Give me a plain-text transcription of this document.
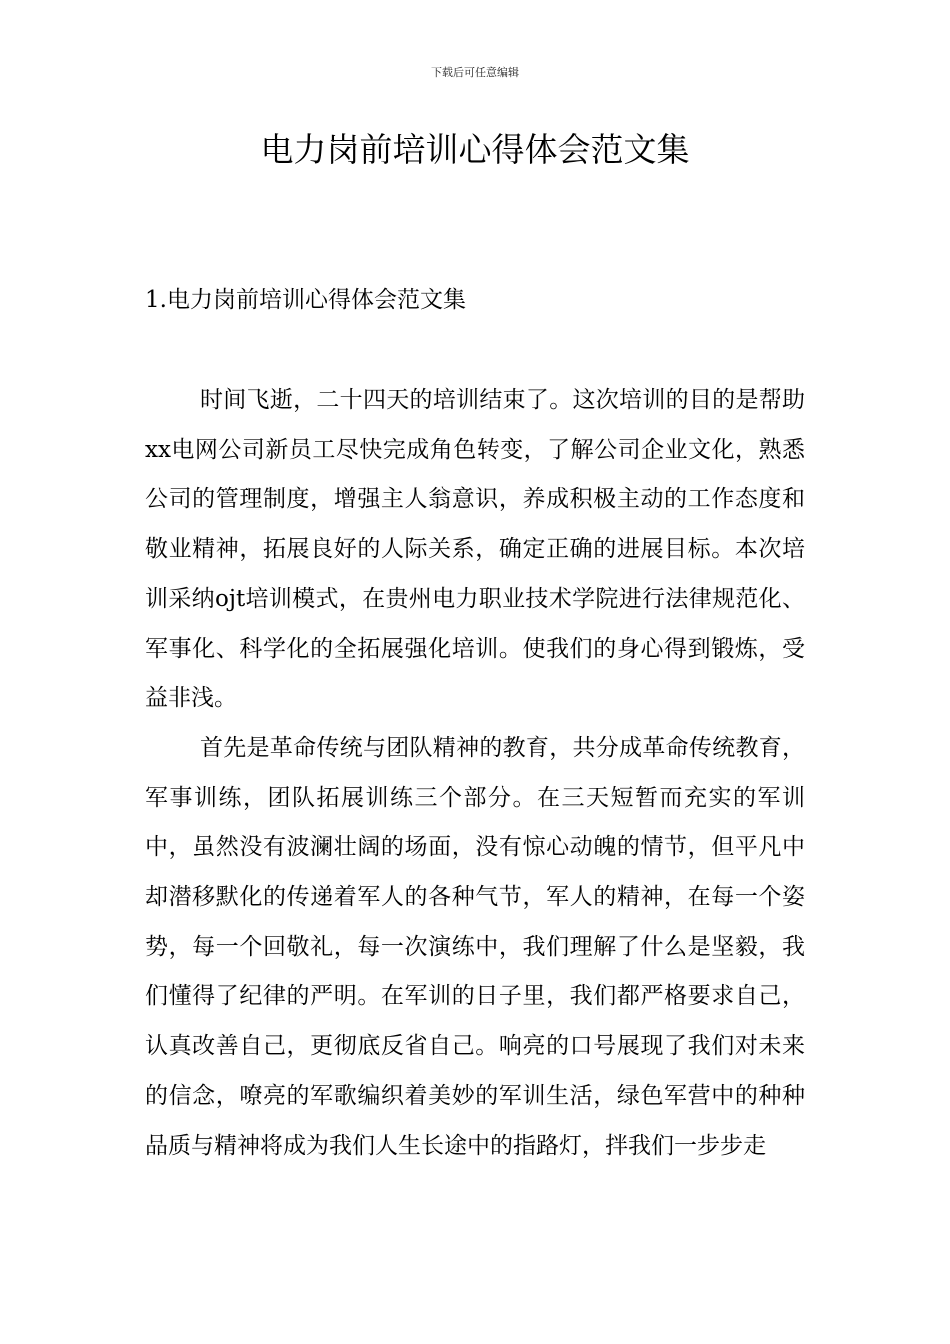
下载后可任意编辑
电力岗前培训心得体会范文集
1.电力岗前培训心得体会范文集

时间飞逝，二十四天的培训结束了。这次培训的目的是帮助xx电网公司新员工尽快完成角色转变，了解公司企业文化，熟悉公司的管理制度，增强主人翁意识，养成积极主动的工作态度和敬业精神，拓展良好的人际关系，确定正确的进展目标。本次培训采纳ojt培训模式，在贵州电力职业技术学院进行法律规范化、军事化、科学化的全拓展强化培训。使我们的身心得到锻炼，受益非浅。

首先是革命传统与团队精神的教育，共分成革命传统教育，军事训练，团队拓展训练三个部分。在三天短暂而充实的军训中，虽然没有波澜壮阔的场面，没有惊心动魄的情节，但平凡中却潜移默化的传递着军人的各种气节，军人的精神，在每一个姿势，每一个回敬礼，每一次演练中，我们理解了什么是坚毅，我们懂得了纪律的严明。在军训的日子里，我们都严格要求自己，认真改善自己，更彻底反省自己。响亮的口号展现了我们对未来的信念，嘹亮的军歌编织着美妙的军训生活，绿色军营中的种种品质与精神将成为我们人生长途中的指路灯，拌我们一步步走
